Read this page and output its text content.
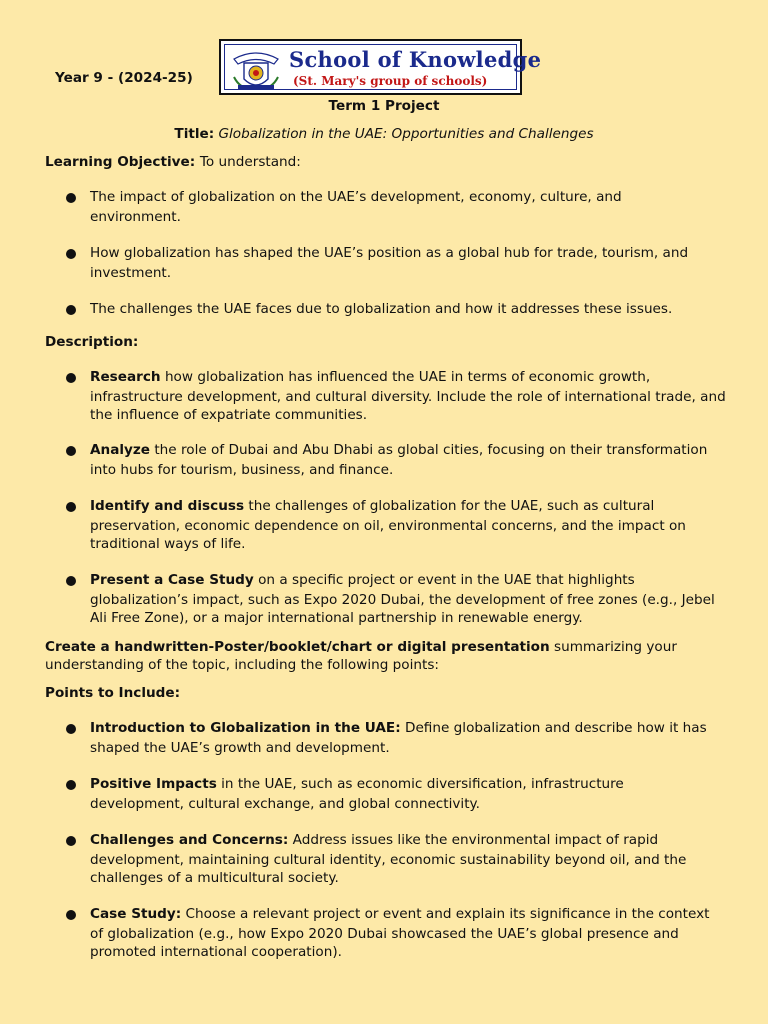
Year 9 - (2024-25)
School of Knowledge
(St. Mary's group of schools)
Term 1 Project
Title: Globalization in the UAE: Opportunities and Challenges
Learning Objective: To understand:
The impact of globalization on the UAE’s development, economy, culture, and
environment.
How globalization has shaped the UAE’s position as a global hub for trade, tourism, and
investment.
The challenges the UAE faces due to globalization and how it addresses these issues.
Description:
Research how globalization has influenced the UAE in terms of economic growth,
infrastructure development, and cultural diversity. Include the role of international trade, and the influence of expatriate communities.
Analyze the role of Dubai and Abu Dhabi as global cities, focusing on their transformation
into hubs for tourism, business, and finance.
Identify and discuss the challenges of globalization for the UAE, such as cultural
preservation, economic dependence on oil, environmental concerns, and the impact on traditional ways of life.
Present a Case Study on a specific project or event in the UAE that highlights
globalization’s impact, such as Expo 2020 Dubai, the development of free zones (e.g., Jebel Ali Free Zone), or a major international partnership in renewable energy.
Create a handwritten-Poster/booklet/chart or digital presentation summarizing your understanding of the topic, including the following points:
Points to Include:
Introduction to Globalization in the UAE: Define globalization and describe how it has
shaped the UAE’s growth and development.
Positive Impacts in the UAE, such as economic diversification, infrastructure
development, cultural exchange, and global connectivity.
Challenges and Concerns: Address issues like the environmental impact of rapid
development, maintaining cultural identity, economic sustainability beyond oil, and the challenges of a multicultural society.
Case Study: Choose a relevant project or event and explain its significance in the context
of globalization (e.g., how Expo 2020 Dubai showcased the UAE’s global presence and promoted international cooperation).
